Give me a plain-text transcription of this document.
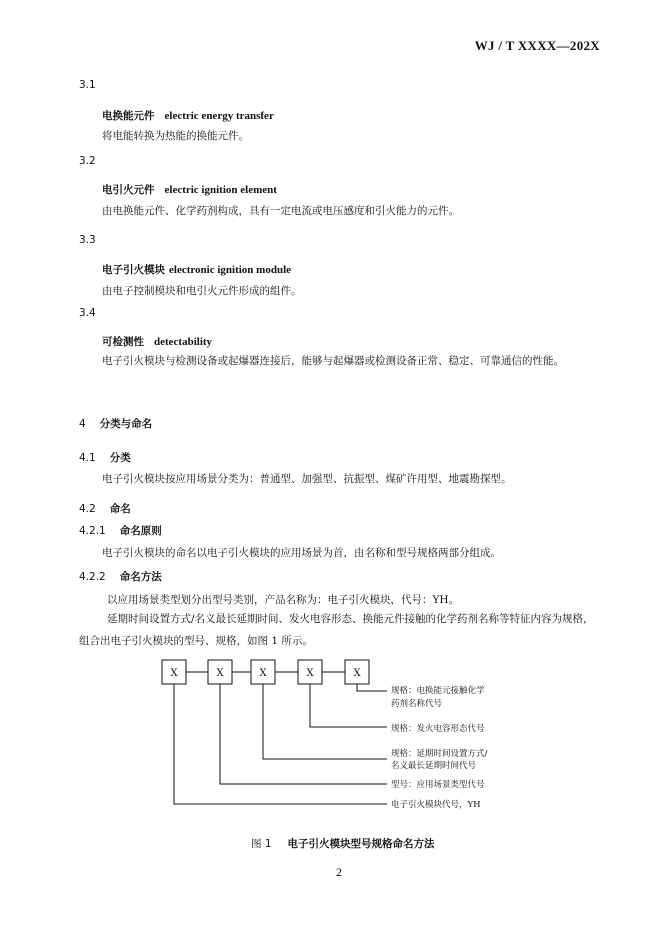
WJ / T XXXX—202X
3.1
电换能元件 electric energy transfer
将电能转换为热能的换能元件。
3.2
电引火元件 electric ignition element
由电换能元件、化学药剂构成，具有一定电流或电压感度和引火能力的元件。
3.3
电子引火模块 electronic ignition module
由电子控制模块和电引火元件形成的组件。
3.4
可检测性 detectability
电子引火模块与检测设备或起爆器连接后，能够与起爆器或检测设备正常、稳定、可靠通信的性能。
4 分类与命名
4.1 分类
电子引火模块按应用场景分类为：普通型、加强型、抗振型、煤矿许用型、地震勘探型。
4.2 命名
4.2.1 命名原则
电子引火模块的命名以电子引火模块的应用场景为首，由名称和型号规格两部分组成。
4.2.2 命名方法
以应用场景类型划分出型号类别，产品名称为：电子引火模块，代号：YH。
延期时间设置方式/名义最长延期时间、发火电容形态、换能元件接触的化学药剂名称等特征内容为规格，组合出电子引火模块的型号、规格，如图 1 所示。
X	X	X	X	X
规格：电换能元接触化学
药剂名称代号
规格：发火电容形态代号
规格：延期时间设置方式/
名义最长延期时间代号
型号：应用场景类型代号
电子引火模块代号，YH
图 1 电子引火模块型号规格命名方法
2
